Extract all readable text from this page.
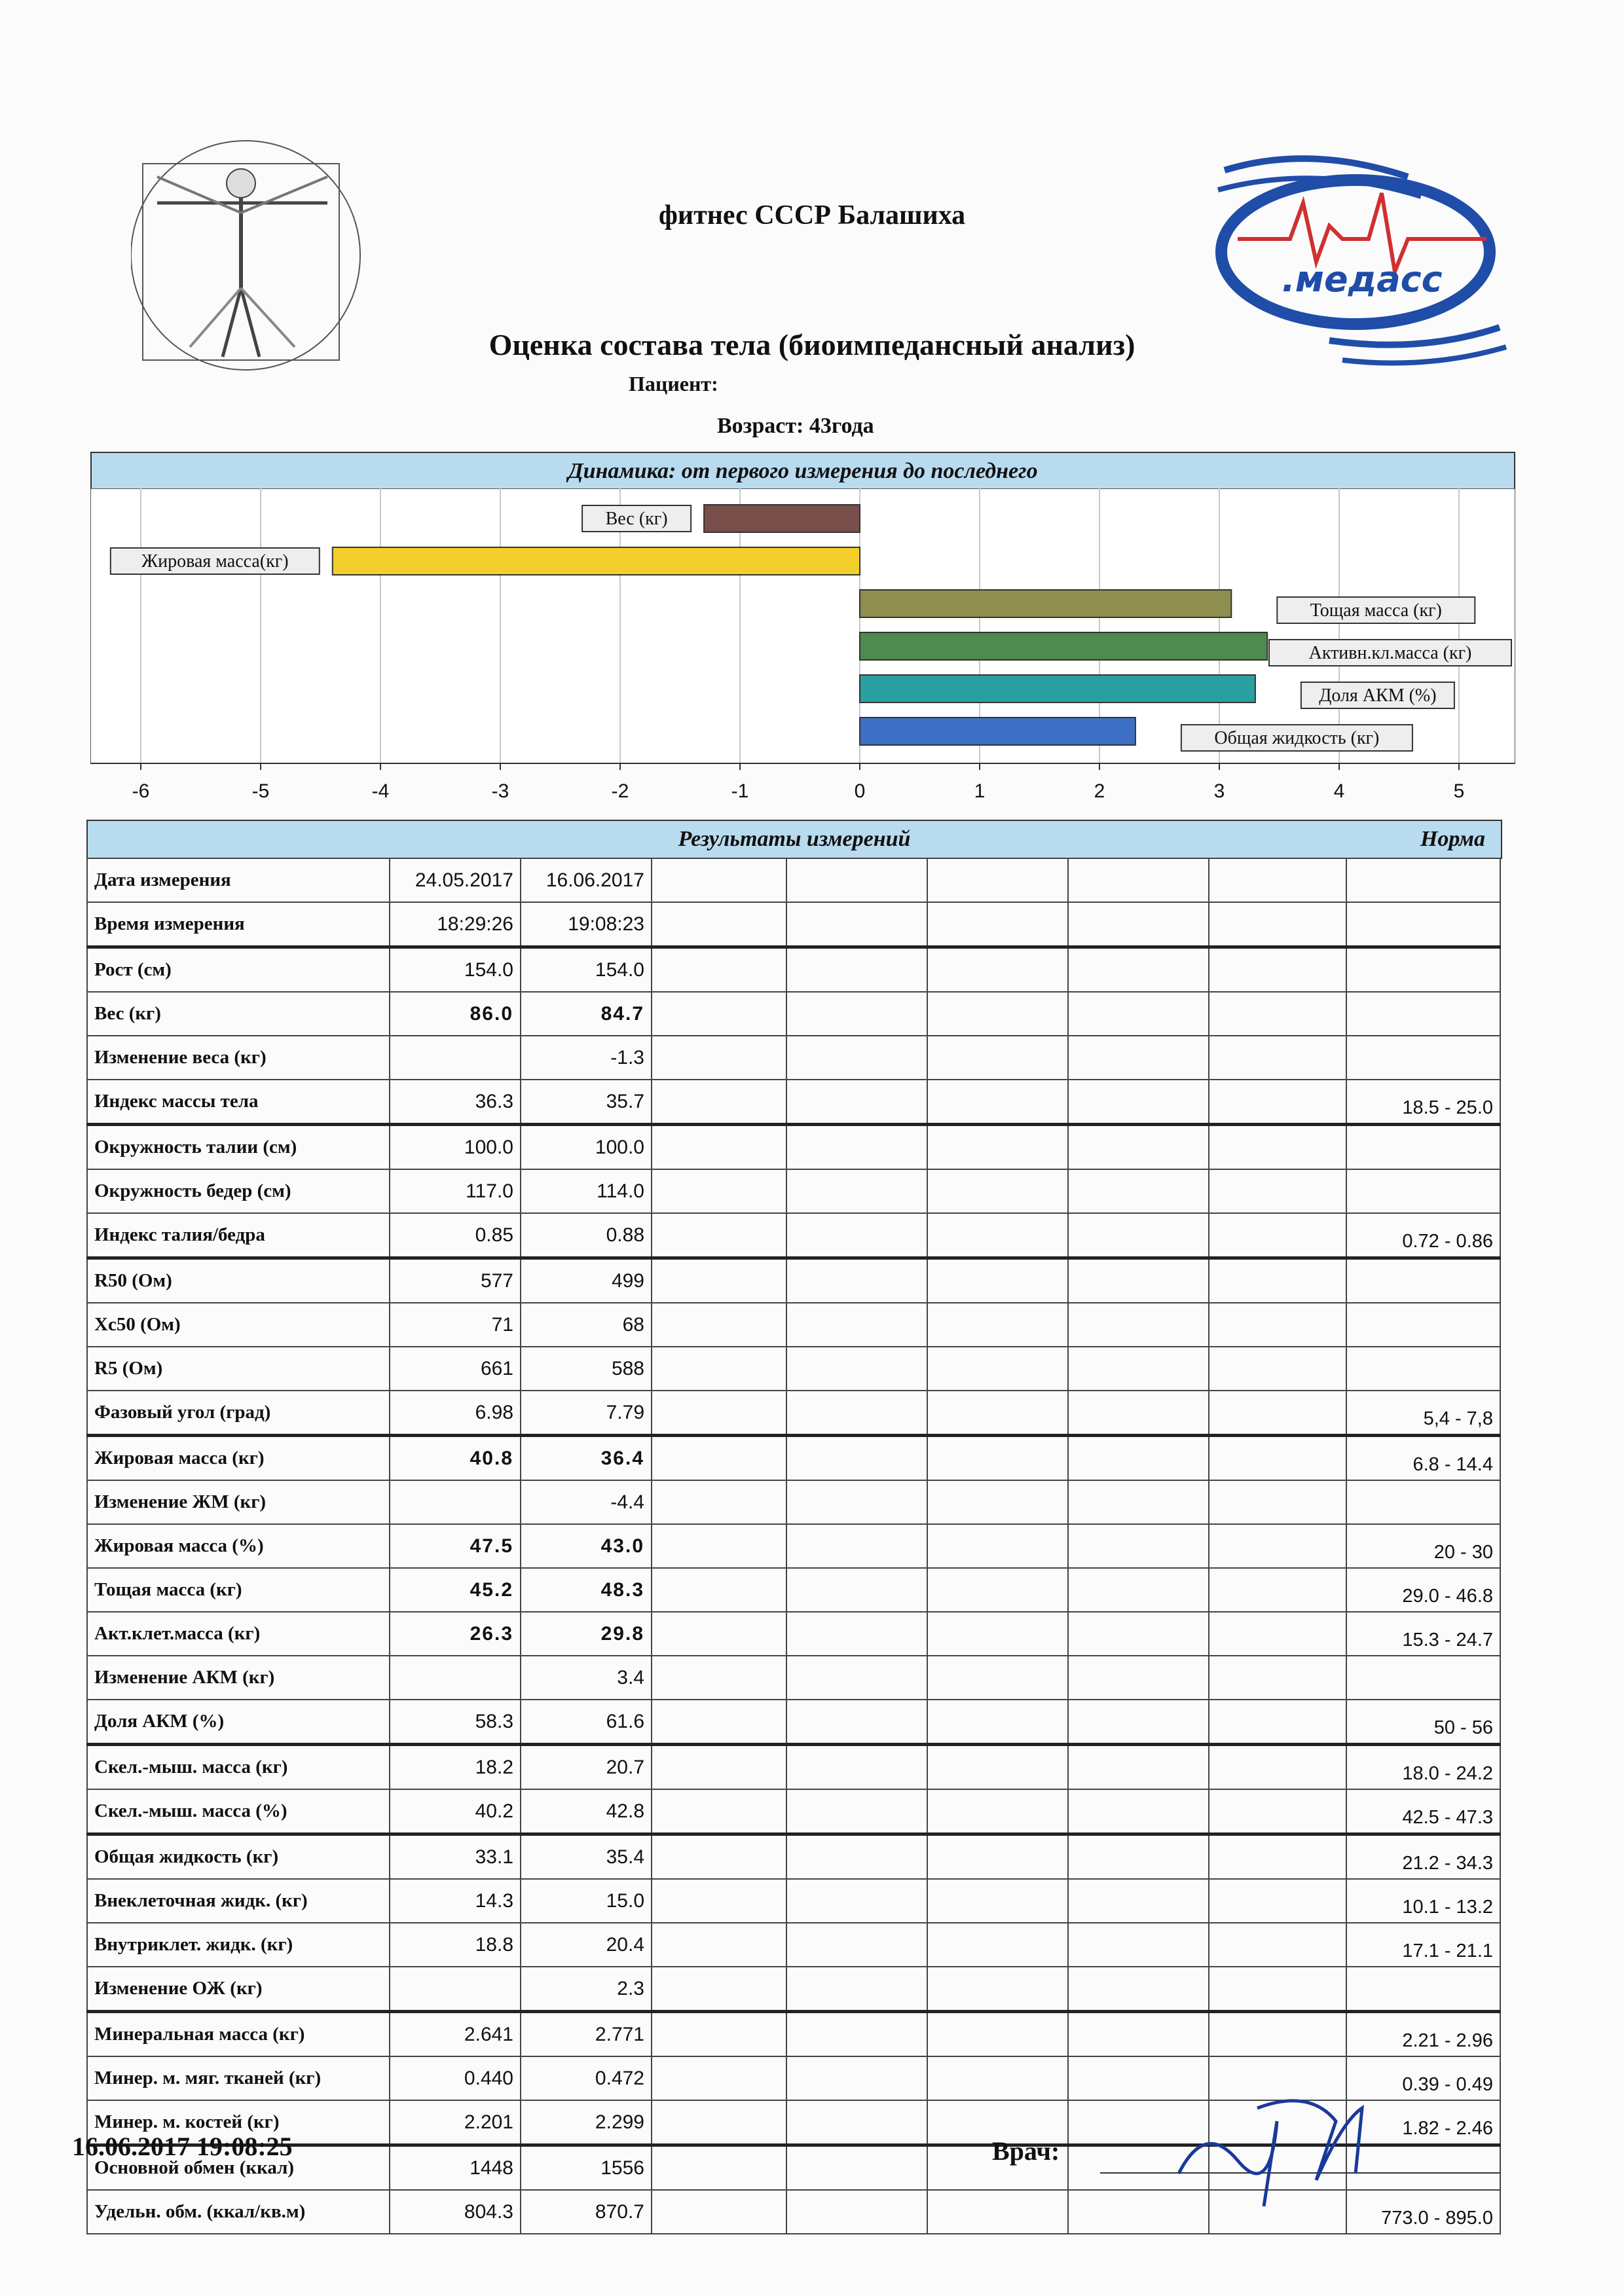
фитнес СССР Балашиха
.медасс
Оценка состава тела (биоимпедансный анализ)
Пациент:
Возраст: 43года
Динамика: от первого измерения до последнего
-6	-5	-4	-3	-2	-1	0	1	2	3	4	5
Вес (кг)
Жировая масса(кг)
Тощая масса (кг)
Активн.кл.масса (кг)
Доля АКМ (%)
Общая жидкость (кг)
Результаты измерений	Норма
Дата измерения	24.05.2017	16.06.2017						
Время измерения	18:29:26	19:08:23						
Рост (см)	154.0	154.0						
Вес (кг)	86.0	84.7						
Изменение веса (кг)		-1.3						
Индекс массы тела	36.3	35.7						18.5 - 25.0
Окружность талии (см)	100.0	100.0						
Окружность бедер (см)	117.0	114.0						
Индекс талия/бедра	0.85	0.88						0.72 - 0.86
R50 (Ом)	577	499						
Xc50 (Ом)	71	68						
R5 (Ом)	661	588						
Фазовый угол (град)	6.98	7.79						5,4 - 7,8
Жировая масса (кг)	40.8	36.4						6.8 - 14.4
Изменение ЖМ (кг)		-4.4						
Жировая масса (%)	47.5	43.0						20 - 30
Тощая масса (кг)	45.2	48.3						29.0 - 46.8
Акт.клет.масса (кг)	26.3	29.8						15.3 - 24.7
Изменение АКМ (кг)		3.4						
Доля АКМ (%)	58.3	61.6						50 - 56
Скел.-мыш. масса (кг)	18.2	20.7						18.0 - 24.2
Скел.-мыш. масса (%)	40.2	42.8						42.5 - 47.3
Общая жидкость (кг)	33.1	35.4						21.2 - 34.3
Внеклеточная жидк. (кг)	14.3	15.0						10.1 - 13.2
Внутриклет. жидк. (кг)	18.8	20.4						17.1 - 21.1
Изменение ОЖ (кг)		2.3						
Минеральная масса (кг)	2.641	2.771						2.21 - 2.96
Минер. м. мяг. тканей (кг)	0.440	0.472						0.39 - 0.49
Минер. м. костей (кг)	2.201	2.299						1.82 - 2.46
Основной обмен (ккал)	1448	1556						
Удельн. обм. (ккал/кв.м)	804.3	870.7						773.0 - 895.0
16.06.2017 19:08:25	Врач:
